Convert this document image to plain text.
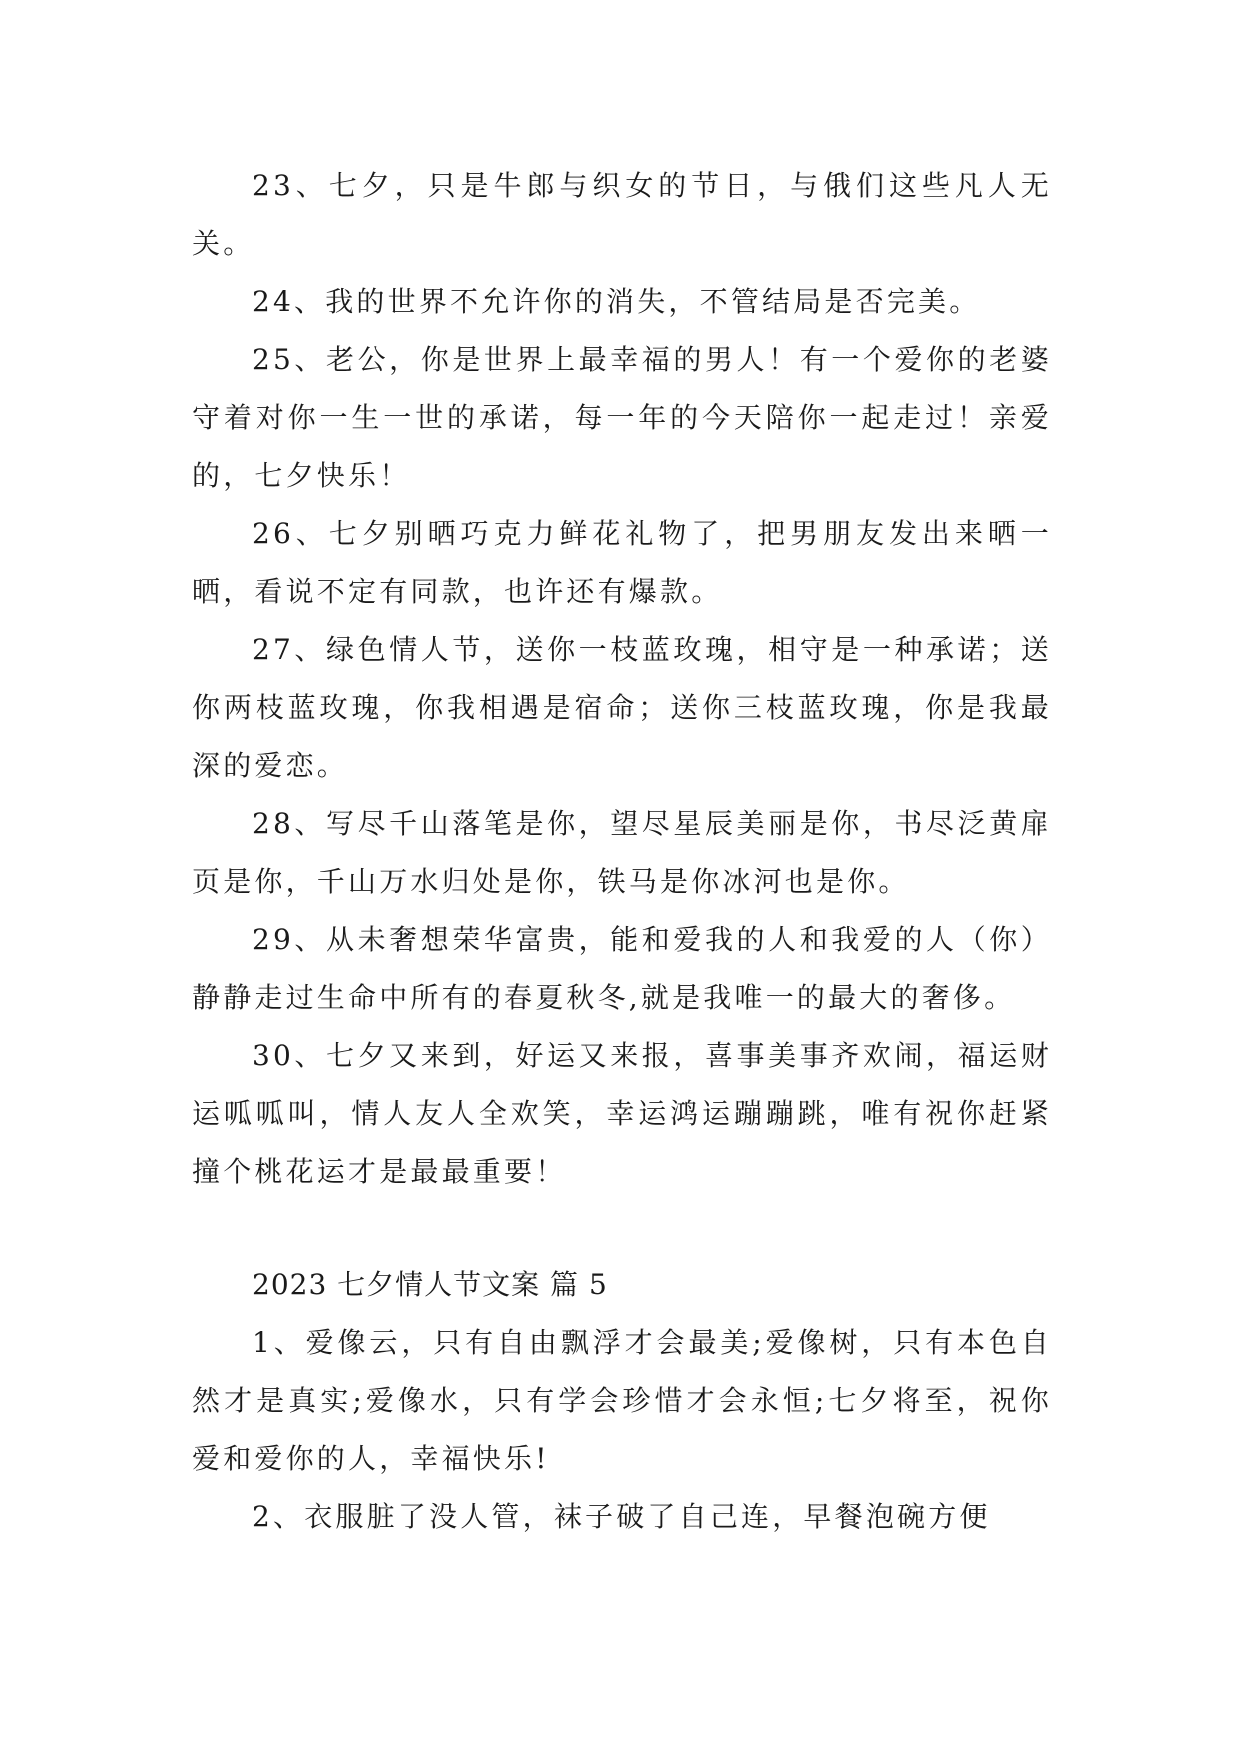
23、七夕，只是牛郎与织女的节日，与俄们这些凡人无关。

24、我的世界不允许你的消失，不管结局是否完美。

25、老公，你是世界上最幸福的男人！有一个爱你的老婆守着对你一生一世的承诺，每一年的今天陪你一起走过！亲爱的，七夕快乐！

26、七夕别晒巧克力鲜花礼物了，把男朋友发出来晒一晒，看说不定有同款，也许还有爆款。

27、绿色情人节，送你一枝蓝玫瑰，相守是一种承诺；送你两枝蓝玫瑰，你我相遇是宿命；送你三枝蓝玫瑰，你是我最深的爱恋。

28、写尽千山落笔是你，望尽星辰美丽是你，书尽泛黄扉页是你，千山万水归处是你，铁马是你冰河也是你。

29、从未奢想荣华富贵，能和爱我的人和我爱的人（你）静静走过生命中所有的春夏秋冬,就是我唯一的最大的奢侈。

30、七夕又来到，好运又来报，喜事美事齐欢闹，福运财运呱呱叫，情人友人全欢笑，幸运鸿运蹦蹦跳，唯有祝你赶紧撞个桃花运才是最最重要！

2023 七夕情人节文案 篇 5

1、爱像云，只有自由飘浮才会最美;爱像树，只有本色自然才是真实;爱像水，只有学会珍惜才会永恒;七夕将至，祝你爱和爱你的人，幸福快乐!

2、衣服脏了没人管，袜子破了自己连，早餐泡碗方便
